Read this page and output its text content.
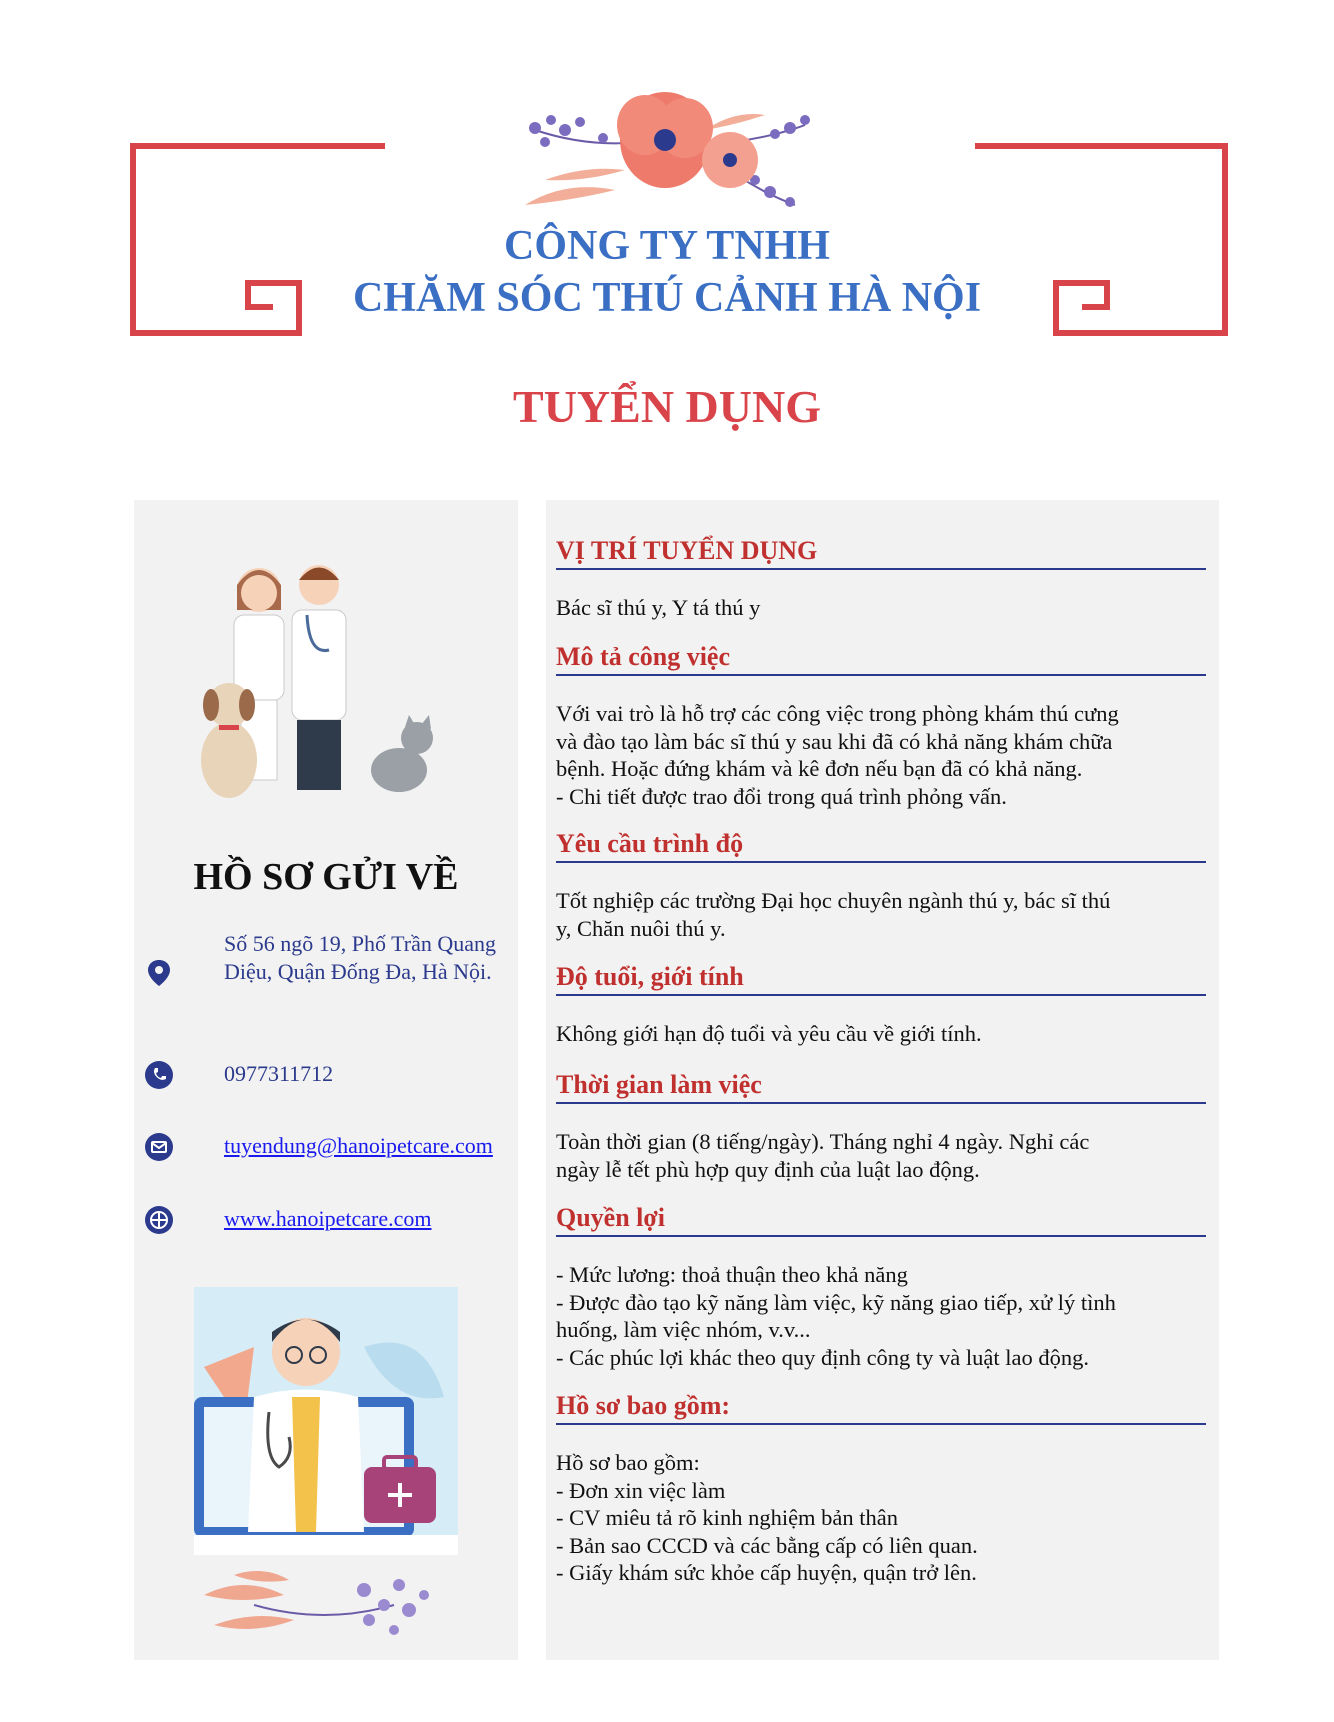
CÔNG TY TNHH
CHĂM SÓC THÚ CẢNH HÀ NỘI
TUYỂN DỤNG
HỒ SƠ GỬI VỀ
Số 56 ngõ 19, Phố Trần Quang Diệu, Quận Đống Đa, Hà Nội.
0977311712
tuyendung@hanoipetcare.com
www.hanoipetcare.com
VỊ TRÍ TUYỂN DỤNG
Bác sĩ thú y, Y tá thú y
Mô tả công việc
Với vai trò là hỗ trợ các công việc trong phòng khám thú cưng
và đào tạo làm bác sĩ thú y sau khi đã có khả năng khám chữa
bệnh. Hoặc đứng khám và kê đơn nếu bạn đã có khả năng.
- Chi tiết được trao đổi trong quá trình phỏng vấn.
Yêu cầu trình độ
Tốt nghiệp các trường Đại học chuyên ngành thú y, bác sĩ thú
y, Chăn nuôi thú y.
Độ tuổi, giới tính
Không giới hạn độ tuổi và yêu cầu về giới tính.
Thời gian làm việc
Toàn thời gian (8 tiếng/ngày). Tháng nghỉ 4 ngày. Nghỉ các
ngày lễ tết phù hợp quy định của luật lao động.
Quyền lợi
- Mức lương: thoả thuận theo khả năng
- Được đào tạo kỹ năng làm việc, kỹ năng giao tiếp, xử lý tình
huống, làm việc nhóm, v.v...
- Các phúc lợi khác theo quy định công ty và luật lao động.
Hồ sơ bao gồm:
Hồ sơ bao gồm:
- Đơn xin việc làm
- CV miêu tả rõ kinh nghiệm bản thân
- Bản sao CCCD và các bằng cấp có liên quan.
- Giấy khám sức khỏe cấp huyện, quận trở lên.
